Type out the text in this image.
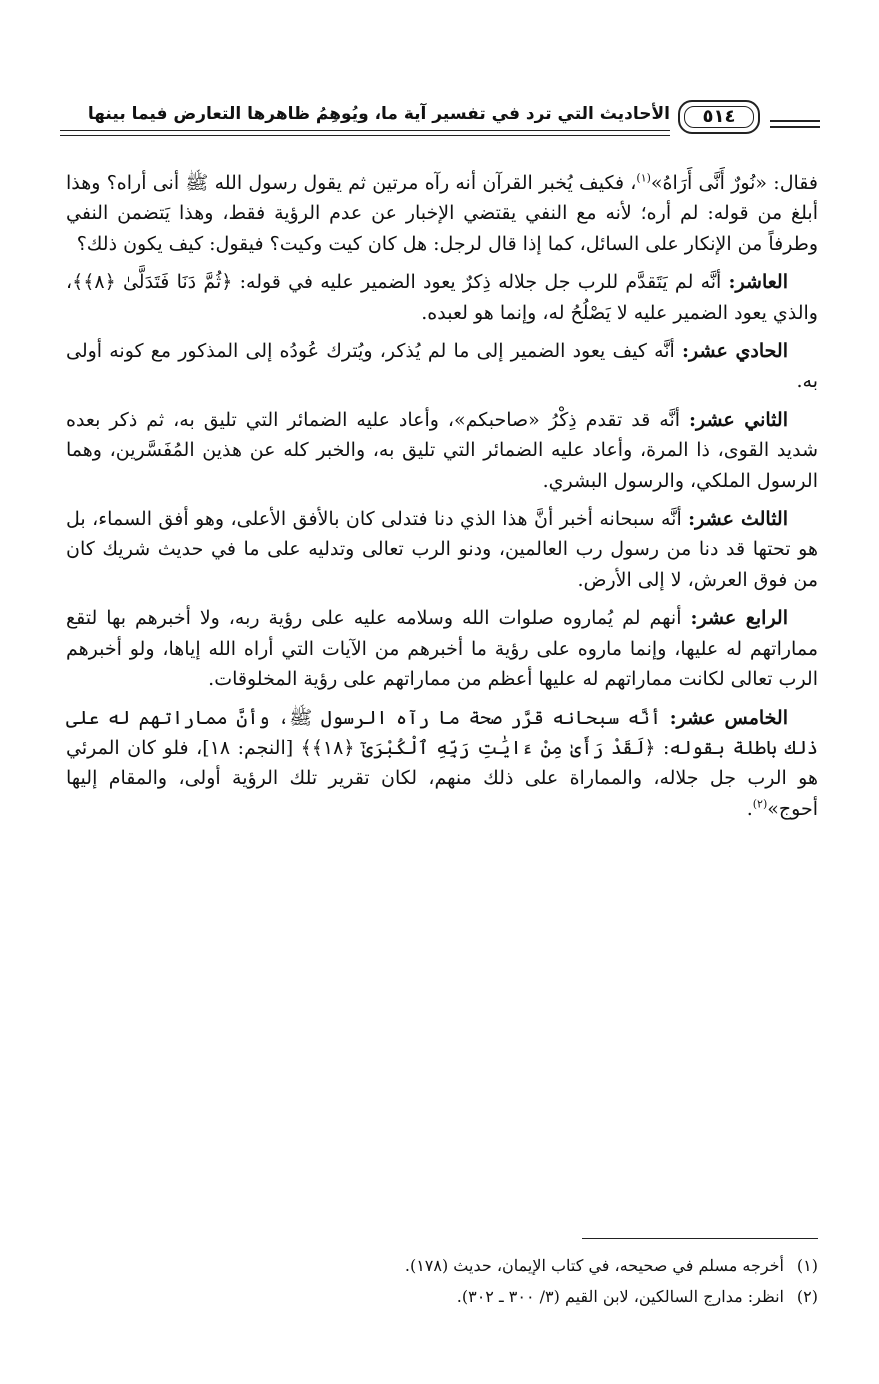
الأحاديث التي ترد في تفسير آية ما، ويُوهِمُ ظاهرها التعارض فيما بينها	٥١٤

فقال: «نُورٌ أَنَّى أَرَاهُ»$^{(١)}$، فكيف يُخبر القرآن أنه رآه مرتين ثم يقول رسول الله ﷺ أنى أراه؟ وهذا أبلغ من قوله: لم أره؛ لأنه مع النفي يقتضي الإخبار عن عدم الرؤية فقط، وهذا يَتضمن النفي وطرفاً من الإنكار على السائل، كما إذا قال لرجل: هل كان كيت وكيت؟ فيقول: كيف يكون ذلك؟

العاشر: أنَّه لم يَتَقدَّم للرب جل جلاله ذِكرٌ يعود الضمير عليه في قوله: ﴿ثُمَّ دَنَا فَتَدَلَّىٰ ﴿٨﴾﴾، والذي يعود الضمير عليه لا يَصْلُحُ له، وإنما هو لعبده.

الحادي عشر: أنَّه كيف يعود الضمير إلى ما لم يُذكر، ويُترك عُودُه إلى المذكور مع كونه أولى به.

الثاني عشر: أنَّه قد تقدم ذِكْرُ «صاحبكم»، وأعاد عليه الضمائر التي تليق به، ثم ذكر بعده شديد القوى، ذا المرة، وأعاد عليه الضمائر التي تليق به، والخبر كله عن هذين المُفَسَّرين، وهما الرسول الملكي، والرسول البشري.

الثالث عشر: أنَّه سبحانه أخبر أنَّ هذا الذي دنا فتدلى كان بالأفق الأعلى، وهو أفق السماء، بل هو تحتها قد دنا من رسول رب العالمين، ودنو الرب تعالى وتدليه على ما في حديث شريك كان من فوق العرش، لا إلى الأرض.

الرابع عشر: أنهم لم يُماروه صلوات الله وسلامه عليه على رؤية ربه، ولا أخبرهم بها لتقع مماراتهم له عليها، وإنما ماروه على رؤية ما أخبرهم من الآيات التي أراه الله إياها، ولو أخبرهم الرب تعالى لكانت مماراتهم له عليها أعظم من مماراتهم على رؤية المخلوقات.

الخامس عشر: أنَّه سبحانه قرَّر صحة ما رآه الرسول ﷺ، وأنَّ مماراتهم له على ذلك باطلة بقوله: ﴿لَقَدْ رَأَىٰ مِنْ ءَايَٰتِ رَبِّهِ ٱلْكُبْرَىٰٓ ﴿١٨﴾﴾ [النجم: ١٨]، فلو كان المرئي هو الرب جل جلاله، والمماراة على ذلك منهم، لكان تقرير تلك الرؤية أولى، والمقام إليها أحوج»$^{(٢)}$.

(١)أخرجه مسلم في صحيحه، في كتاب الإيمان، حديث (١٧٨).

(٢)انظر: مدارج السالكين، لابن القيم (٣/ ٣٠٠ ـ ٣٠٢).
